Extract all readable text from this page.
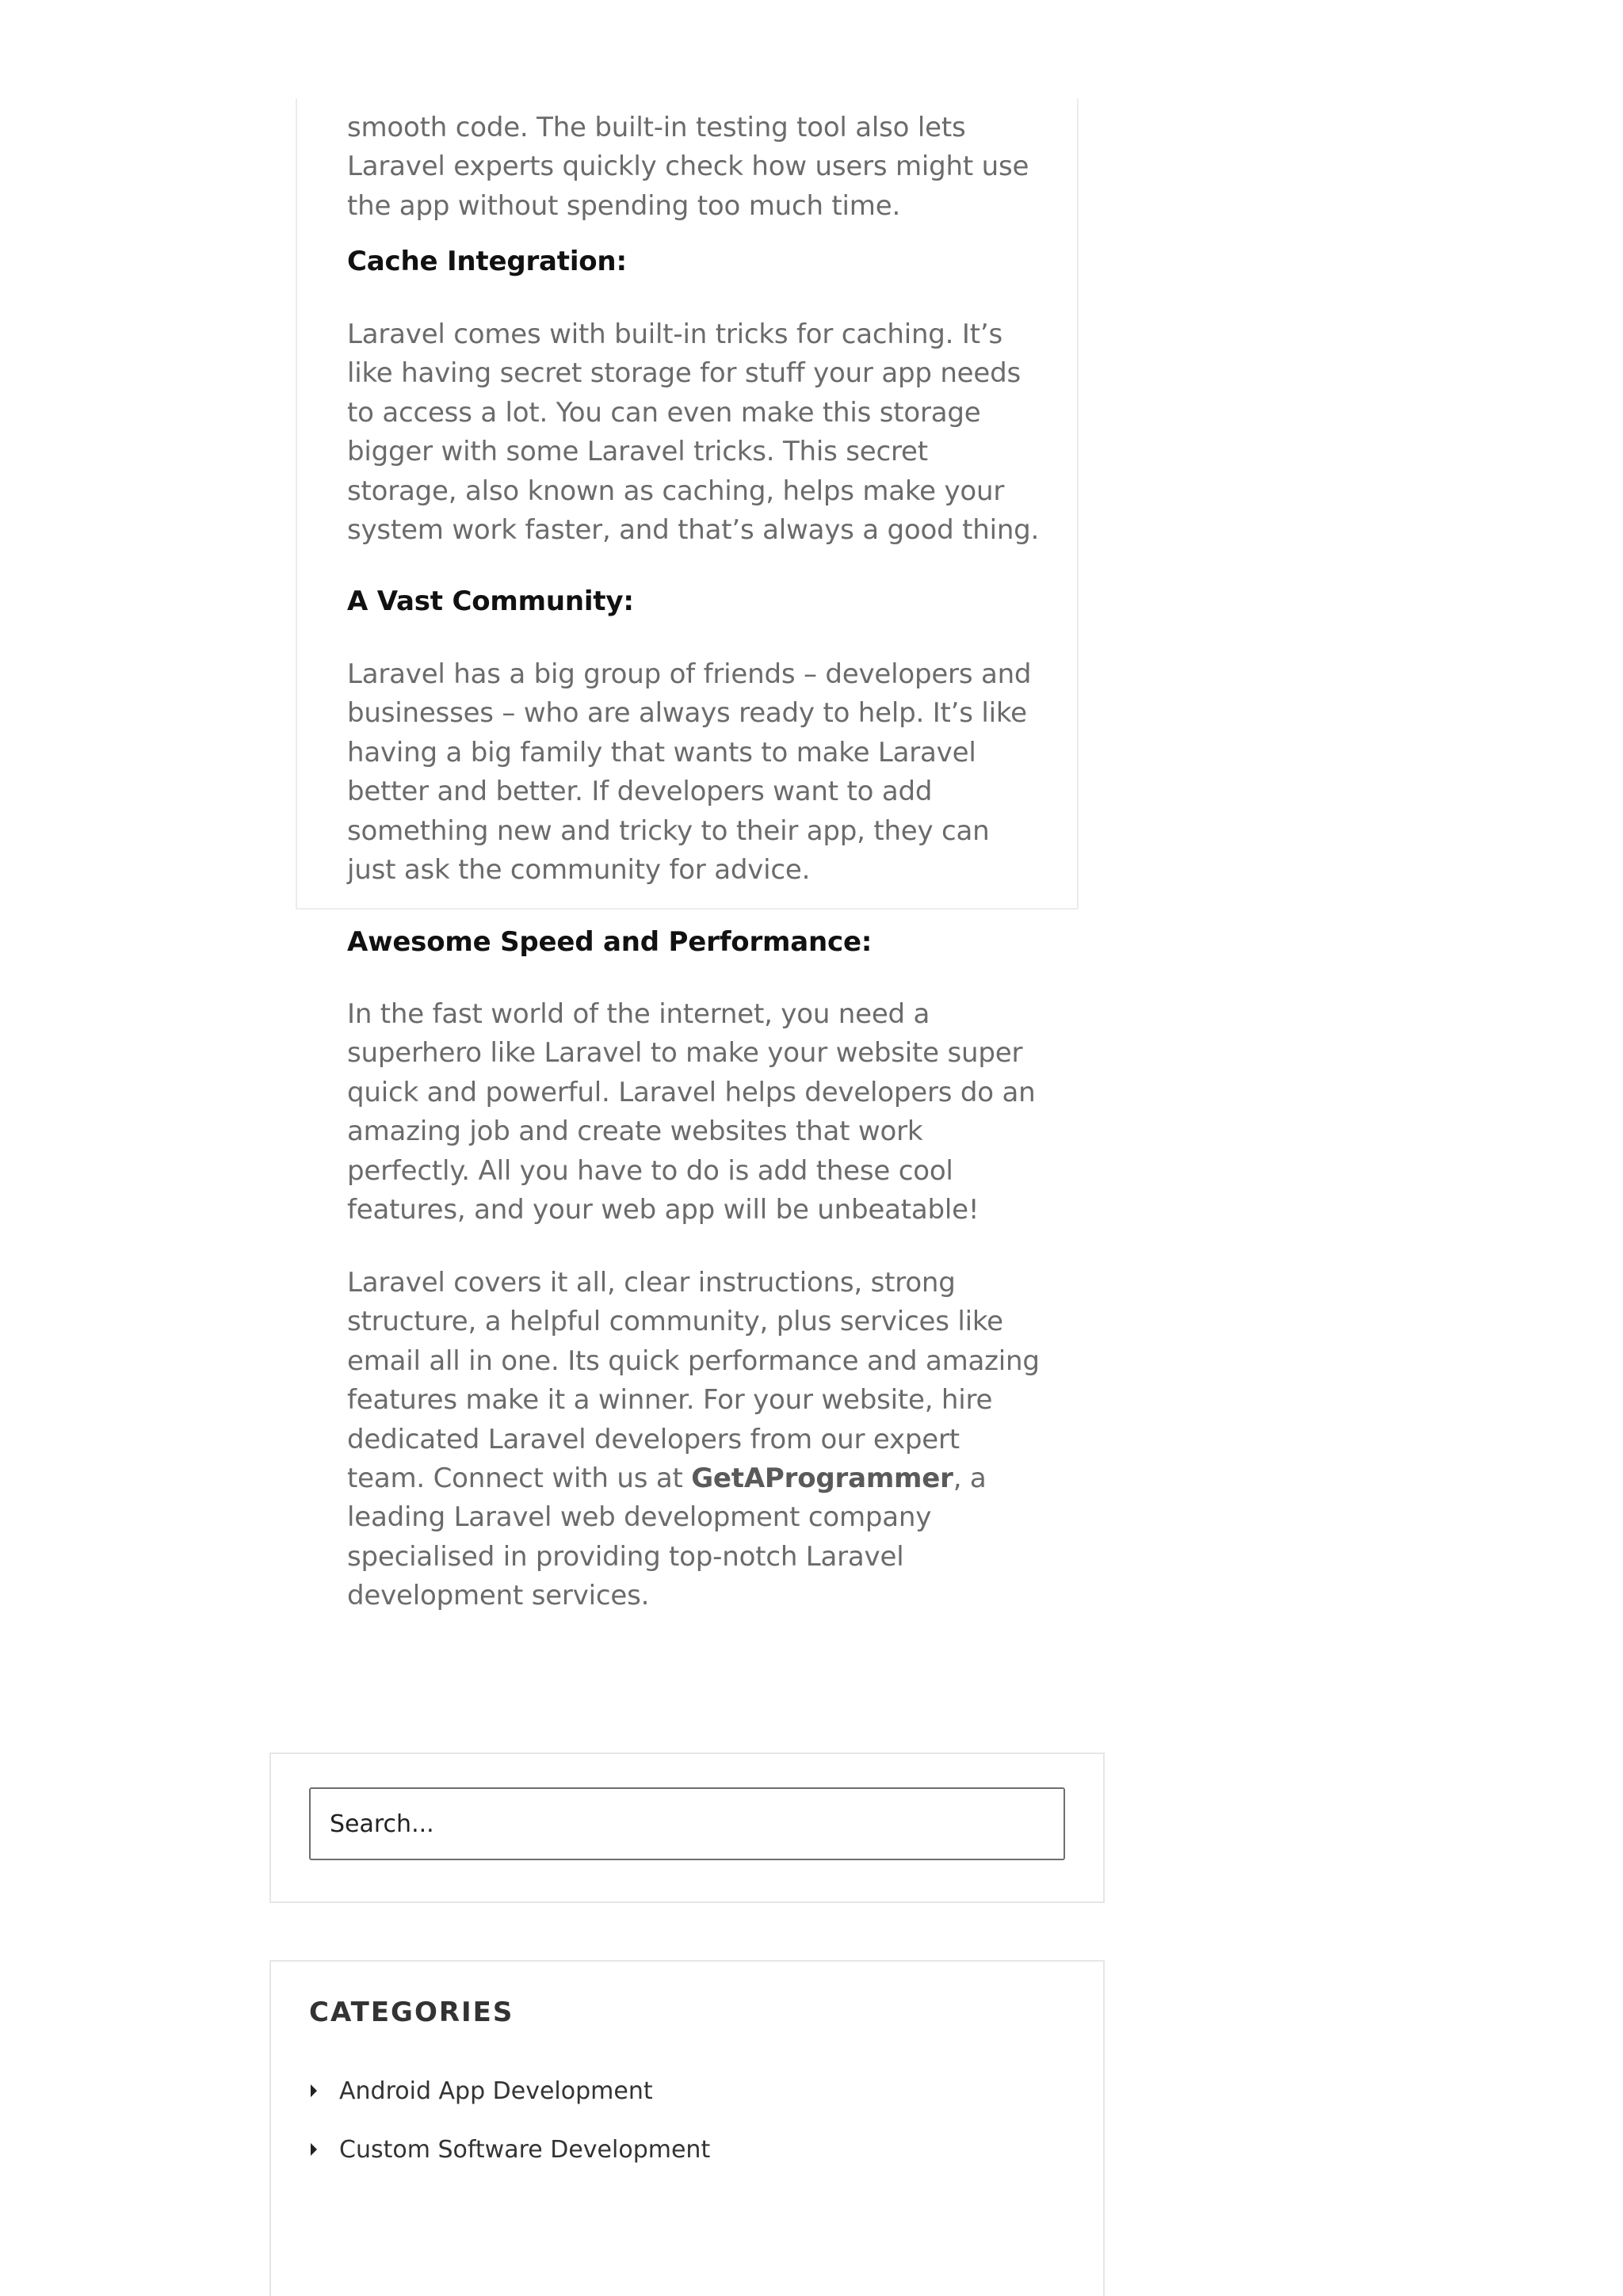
smooth code. The built-in testing tool also lets Laravel experts quickly check how users might use the app without spending too much time.

Cache Integration:

Laravel comes with built-in tricks for caching. It’s like having secret storage for stuff your app needs to access a lot. You can even make this storage bigger with some Laravel tricks. This secret storage, also known as caching, helps make your system work faster, and that’s always a good thing.

A Vast Community:

Laravel has a big group of friends – developers and businesses – who are always ready to help. It’s like having a big family that wants to make Laravel better and better. If developers want to add something new and tricky to their app, they can just ask the community for advice.

Awesome Speed and Performance:

In the fast world of the internet, you need a superhero like Laravel to make your website super quick and powerful. Laravel helps developers do an amazing job and create websites that work perfectly. All you have to do is add these cool features, and your web app will be unbeatable!

Laravel covers it all, clear instructions, strong structure, a helpful community, plus services like email all in one. Its quick performance and amazing features make it a winner. For your website, hire dedicated Laravel developers from our expert team. Connect with us at GetAProgrammer, a leading Laravel web development company specialised in providing top-notch Laravel development services.

Search...
CATEGORIES
Android App Development
Custom Software Development
